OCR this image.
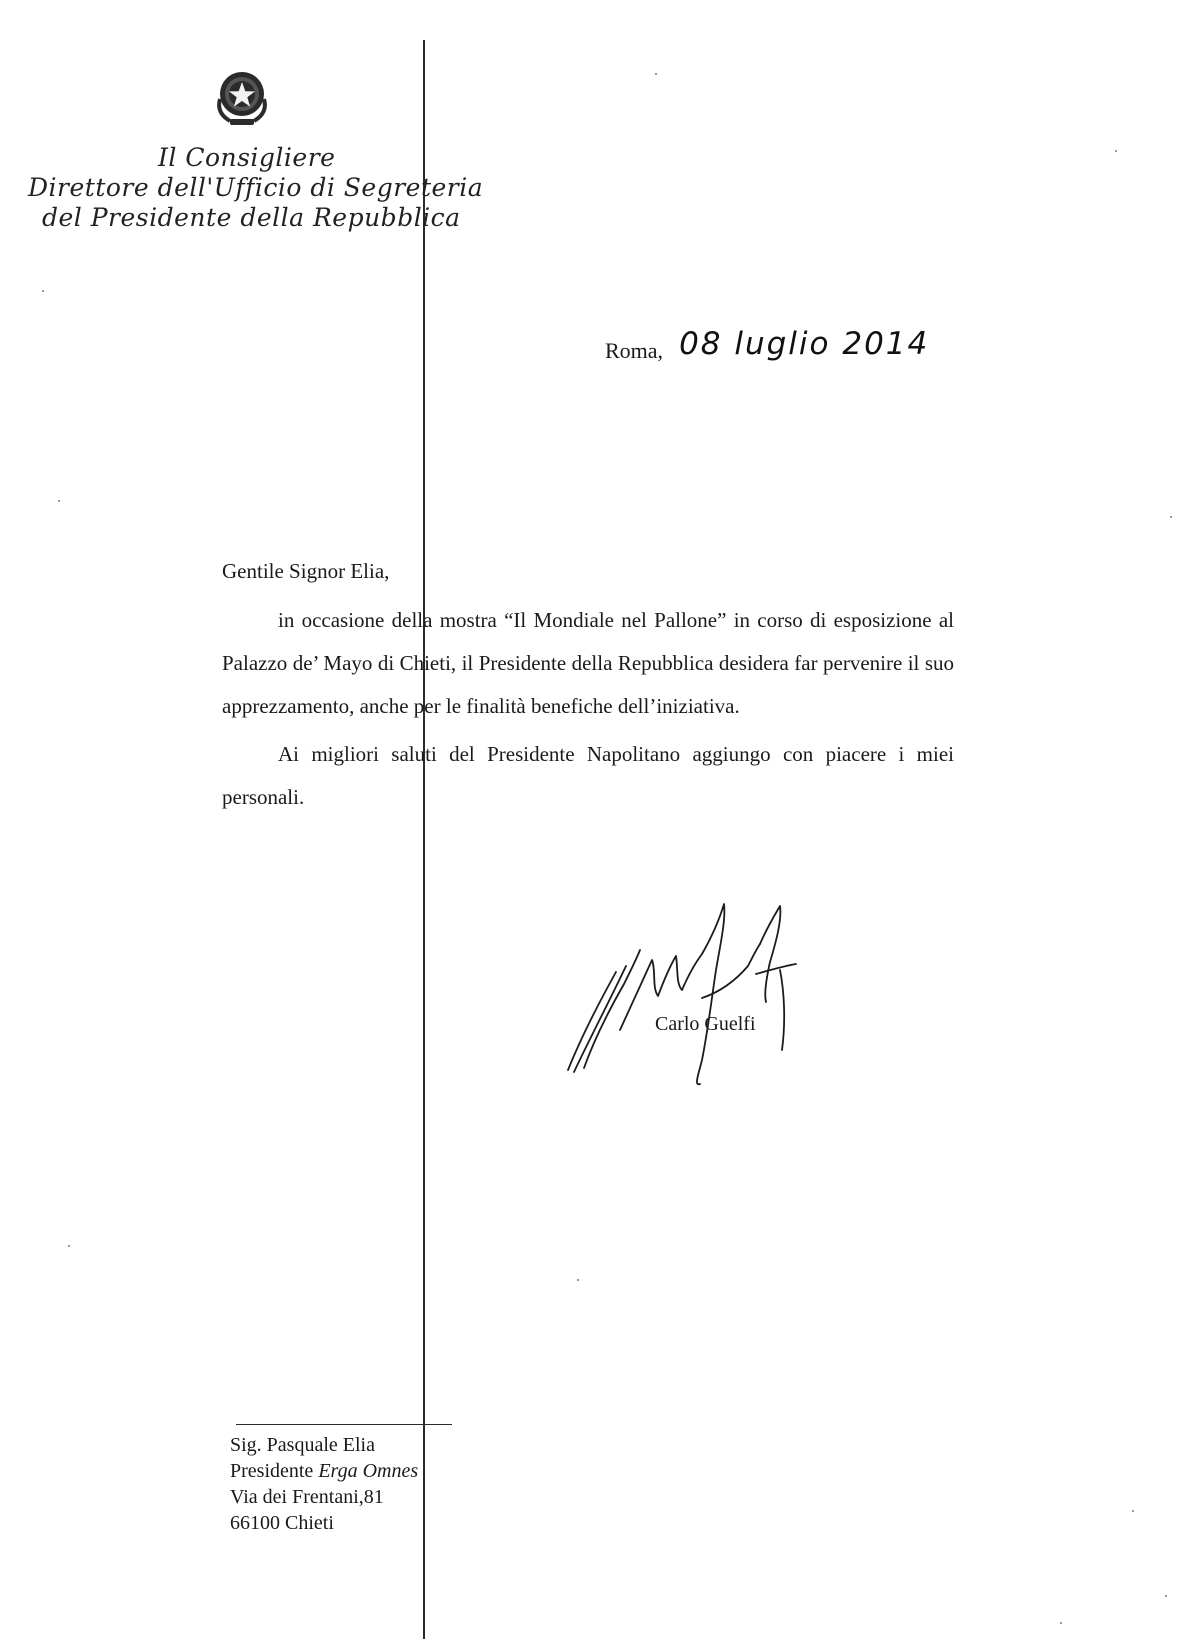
Il Consigliere
Direttore dell'Ufficio di Segreteria
del Presidente della Repubblica
Roma, 08 luglio 2014

Gentile Signor Elia,

in occasione della mostra “Il Mondiale nel Pallone” in corso di esposizione al Palazzo de’ Mayo di Chieti, il Presidente della Repubblica desidera far pervenire il suo apprezzamento, anche per le finalità benefiche dell’iniziativa.

Ai migliori saluti del Presidente Napolitano aggiungo con piacere i miei personali.

Carlo Guelfi
Sig. Pasquale Elia
Presidente Erga Omnes
Via dei Frentani,81
66100 Chieti
